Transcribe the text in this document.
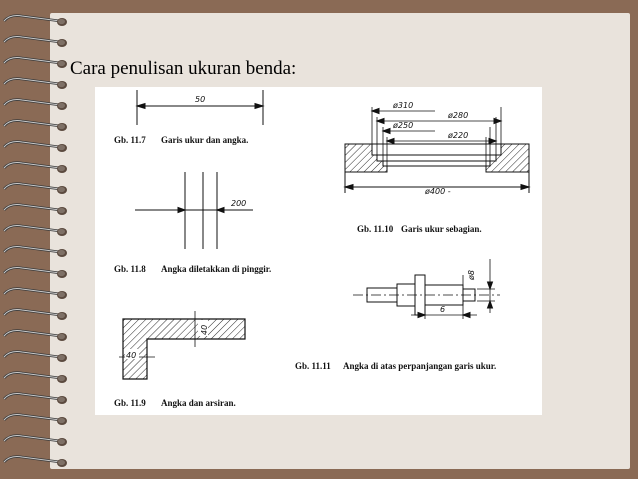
Cara penulisan ukuran benda:
50
Gb. 11.7 Garis ukur dan angka.
200
Gb. 11.8 Angka diletakkan di pinggir.
40
40
Gb. 11.9 Angka dan arsiran.
ø310
ø280
ø250
ø220
ø400 -
Gb. 11.10 Garis ukur sebagian.
ø8
6
Gb. 11.11 Angka di atas perpanjangan garis ukur.
